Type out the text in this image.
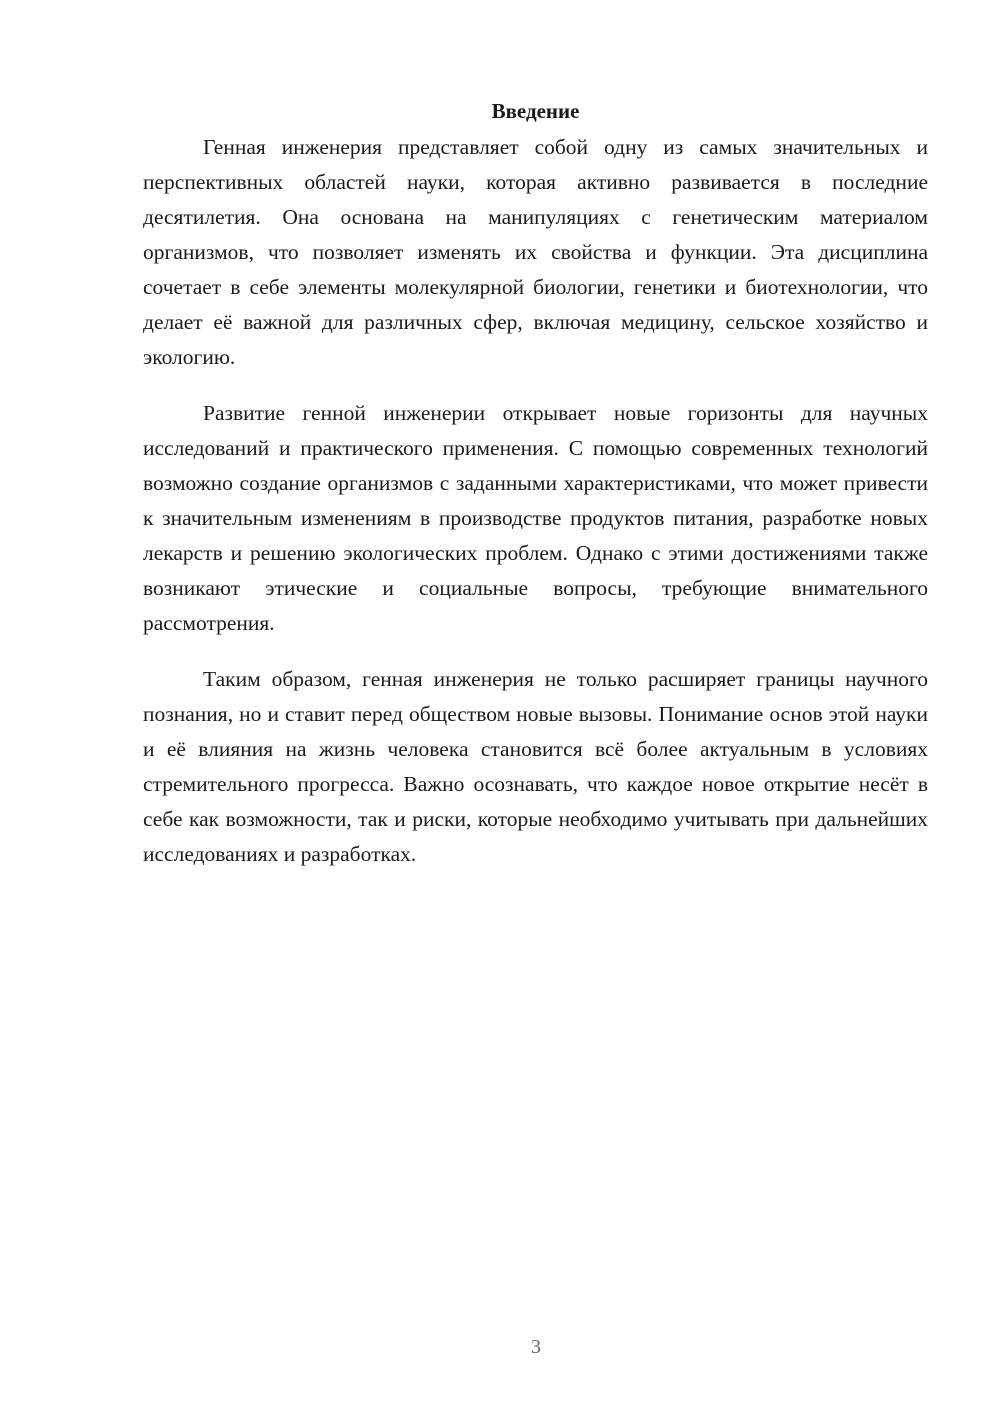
Введение

Генная инженерия представляет собой одну из самых значительных и перспективных областей науки, которая активно развивается в последние десятилетия. Она основана на манипуляциях с генетическим материалом организмов, что позволяет изменять их свойства и функции. Эта дисциплина сочетает в себе элементы молекулярной биологии, генетики и биотехнологии, что делает её важной для различных сфер, включая медицину, сельское хозяйство и экологию.

Развитие генной инженерии открывает новые горизонты для научных исследований и практического применения. С помощью современных технологий возможно создание организмов с заданными характеристиками, что может привести к значительным изменениям в производстве продуктов питания, разработке новых лекарств и решению экологических проблем. Однако с этими достижениями также возникают этические и социальные вопросы, требующие внимательного рассмотрения.

Таким образом, генная инженерия не только расширяет границы научного познания, но и ставит перед обществом новые вызовы. Понимание основ этой науки и её влияния на жизнь человека становится всё более актуальным в условиях стремительного прогресса. Важно осознавать, что каждое новое открытие несёт в себе как возможности, так и риски, которые необходимо учитывать при дальнейших исследованиях и разработках.

3
